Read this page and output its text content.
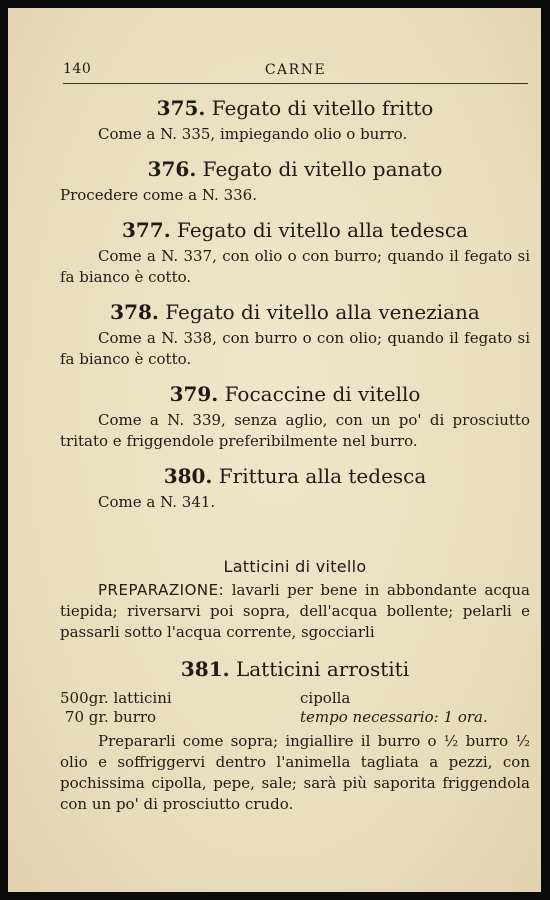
140	CARNE
375. Fegato di vitello fritto

Come a N. 335, impiegando olio o burro.

376. Fegato di vitello panato

Procedere come a N. 336.

377. Fegato di vitello alla tedesca

Come a N. 337, con olio o con burro; quando il fegato si fa bianco è cotto.

378. Fegato di vitello alla veneziana

Come a N. 338, con burro o con olio; quando il fegato si fa bianco è cotto.

379. Focaccine di vitello

Come a N. 339, senza aglio, con un po' di prosciutto tritato e friggendole preferibilmente nel burro.

380. Frittura alla tedesca

Come a N. 341.

Latticini di vitello

PREPARAZIONE: lavarli per bene in abbondante acqua tiepida; riversarvi poi sopra, dell'acqua bollente; pelarli e passarli sotto l'acqua corrente, sgocciarli

381. Latticini arrostiti
500 gr. latticini	cipolla
70 gr. burro	tempo necessario: 1 ora.

Prepararli come sopra; ingiallire il burro o ½ burro ½ olio e soffriggervi dentro l'animella tagliata a pezzi, con pochissima cipolla, pepe, sale; sarà più saporita friggendola con un po' di prosciutto crudo.
